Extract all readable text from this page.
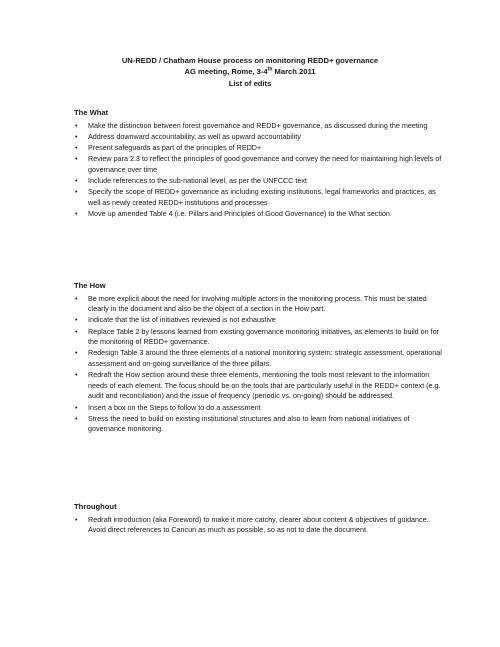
UN-REDD / Chatham House process on monitoring REDD+ governance
AG meeting, Rome, 3-4th March 2011
List of edits
The What
• Make the distinction between forest governance and REDD+ governance, as discussed during the meeting
• Address downward accountability, as well as upward accountability
• Present safeguards as part of the principles of REDD+
• Review para 2.3 to reflect the principles of good governance and convey the need for maintaining high levels of governance over time
• Include references to the sub-national level, as per the UNFCCC text
• Specify the scope of REDD+ governance as including existing institutions, legal frameworks and practices, as well as newly created REDD+ institutions and processes
• Move up amended Table 4 (i.e. Pillars and Principles of Good Governance) to the What section
The How
• Be more explicit about the need for involving multiple actors in the monitoring process. This must be stated clearly in the document and also be the object of a section in the How part.
• Indicate that the list of initiatives reviewed is not exhaustive
• Replace Table 2 by lessons learned from existing governance monitoring initiatives, as elements to build on for the monitoring of REDD+ governance.
• Redesign Table 3 around the three elements of a national monitoring system: strategic assessment, operational assessment and on-going surveillance of the three pillars.
• Redraft the How section around these three elements, mentioning the tools most relevant to the information needs of each element. The focus should be on the tools that are particularly useful in the REDD+ context (e.g. audit and reconciliation) and the issue of frequency (periodic vs. on-going) should be addressed.
• Insert a box on the Steps to follow to do a assessment
• Stress the need to build on existing institutional structures and also to learn from national initiatives of governance monitoring.
Throughout
• Redraft introduction (aka Foreword) to make it more catchy, clearer about content & objectives of guidance. Avoid direct references to Cancun as much as possible, so as not to date the document.
